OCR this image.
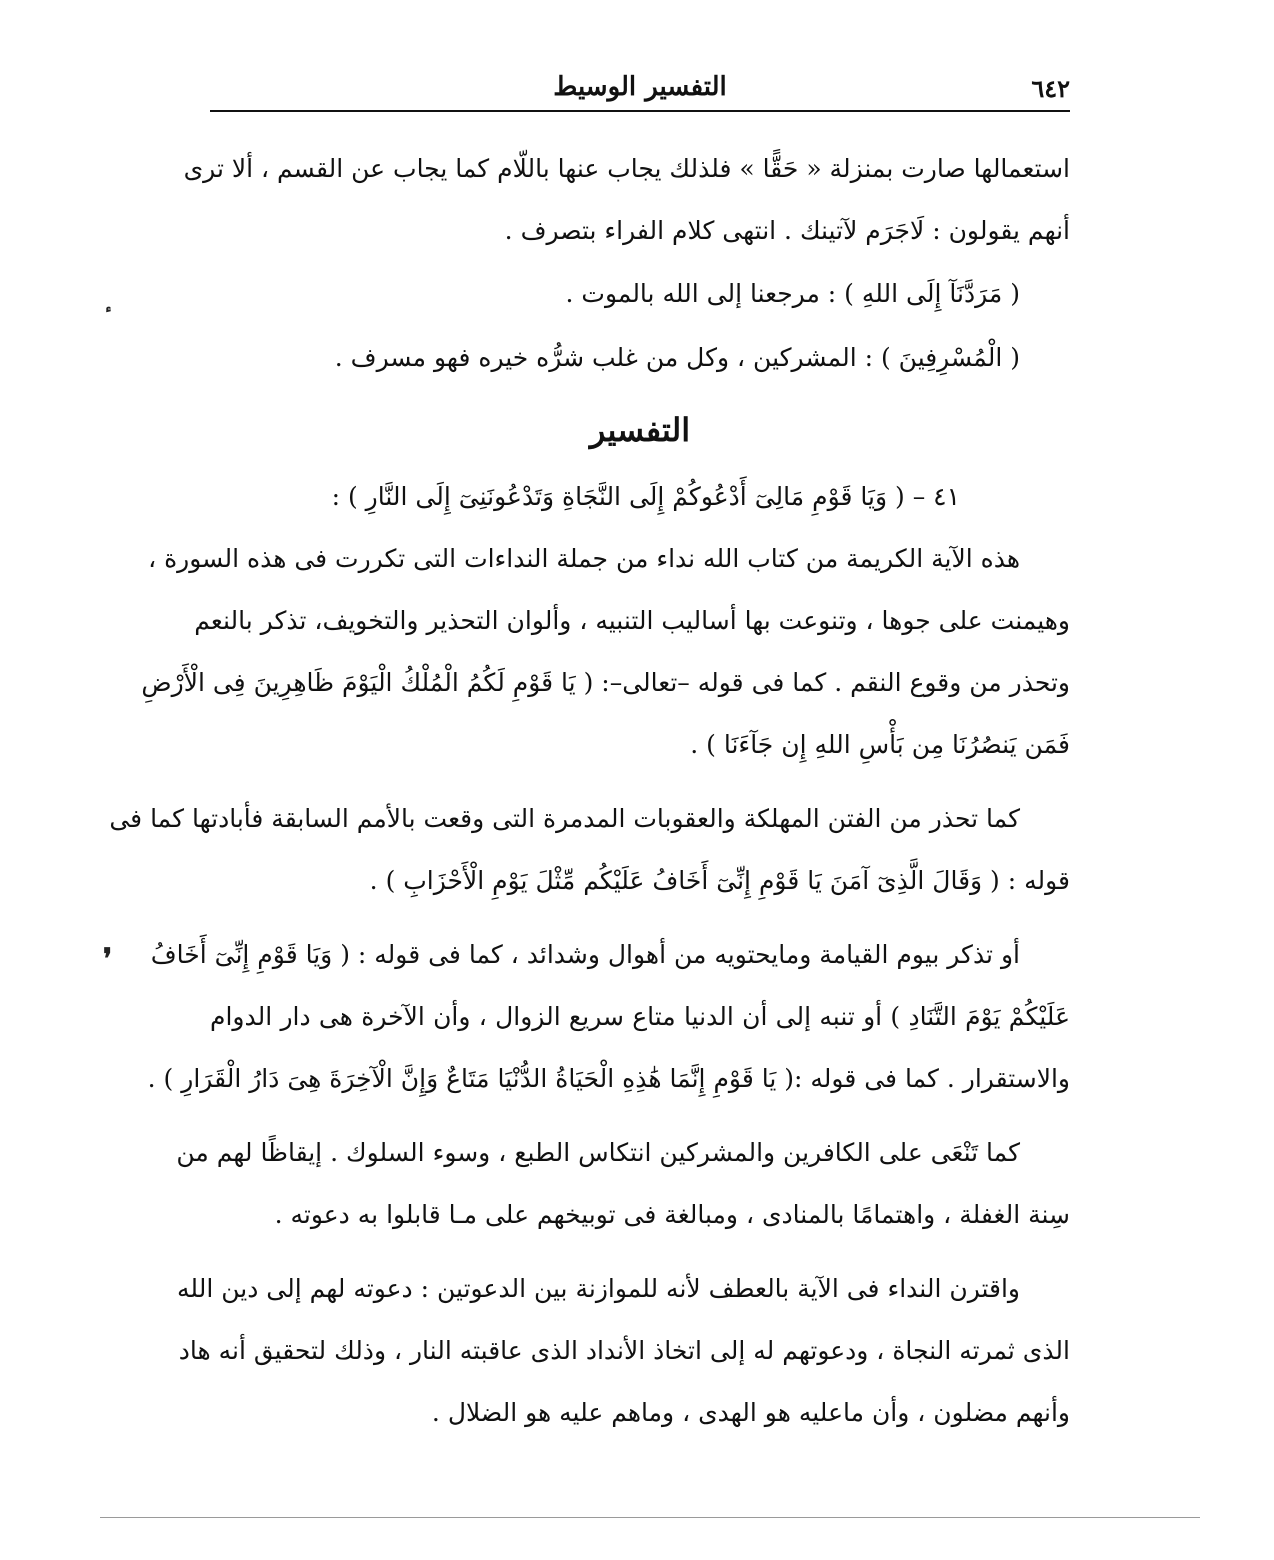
٦٤٢
التفسير الوسيط
استعمالها صارت بمنزلة « حَقًّا » فلذلك يجاب عنها باللّام كما يجاب عن القسم ، ألا ترى
أنهم يقولون : لَاجَرَم لآتينك . انتهى كلام الفراء بتصرف .
( مَرَدَّنَآ إِلَى اللهِ ) : مرجعنا إلى الله بالموت .
( الْمُسْرِفِينَ ) : المشركين ، وكل من غلب شرُّه خيره فهو مسرف .
التفسير
٤١ – ( وَيَا قَوْمِ مَالِىٓ أَدْعُوكُمْ إِلَى النَّجَاةِ وَتَدْعُونَنِىٓ إِلَى النَّارِ ) :
هذه الآية الكريمة من كتاب الله نداء من جملة النداءات التى تكررت فى هذه السورة ،
وهيمنت على جوها ، وتنوعت بها أساليب التنبيه ، وألوان التحذير والتخويف، تذكر بالنعم
وتحذر من وقوع النقم . كما فى قوله –تعالى–: ( يَا قَوْمِ لَكُمُ الْمُلْكُ الْيَوْمَ ظَاهِرِينَ فِى الْأَرْضِ
فَمَن يَنصُرُنَا مِن بَأْسِ اللهِ إِن جَآءَنَا ) .
كما تحذر من الفتن المهلكة والعقوبات المدمرة التى وقعت بالأمم السابقة فأبادتها كما فى
قوله : ( وَقَالَ الَّذِىٓ آمَنَ يَا قَوْمِ إِنِّىٓ أَخَافُ عَلَيْكُم مِّثْلَ يَوْمِ الْأَحْزَابِ ) .
أو تذكر بيوم القيامة ومايحتويه من أهوال وشدائد ، كما فى قوله : ( وَيَا قَوْمِ إِنِّىٓ أَخَافُ
عَلَيْكُمْ يَوْمَ التَّنَادِ ) أو تنبه إلى أن الدنيا متاع سريع الزوال ، وأن الآخرة هى دار الدوام
والاستقرار . كما فى قوله :( يَا قَوْمِ إِنَّمَا هَٰذِهِ الْحَيَاةُ الدُّنْيَا مَتَاعٌ وَإِنَّ الْآخِرَةَ هِىَ دَارُ الْقَرَارِ ) .
كما تَنْعَى على الكافرين والمشركين انتكاس الطبع ، وسوء السلوك . إيقاظًا لهم من
سِنة الغفلة ، واهتمامًا بالمنادى ، ومبالغة فى توبيخهم على مـا قابلوا به دعوته .
واقترن النداء فى الآية بالعطف لأنه للموازنة بين الدعوتين : دعوته لهم إلى دين الله
الذى ثمرته النجاة ، ودعوتهم له إلى اتخاذ الأنداد الذى عاقبته النار ، وذلك لتحقيق أنه هاد
وأنهم مضلون ، وأن ماعليه هو الهدى ، وماهم عليه هو الضلال .
❜
